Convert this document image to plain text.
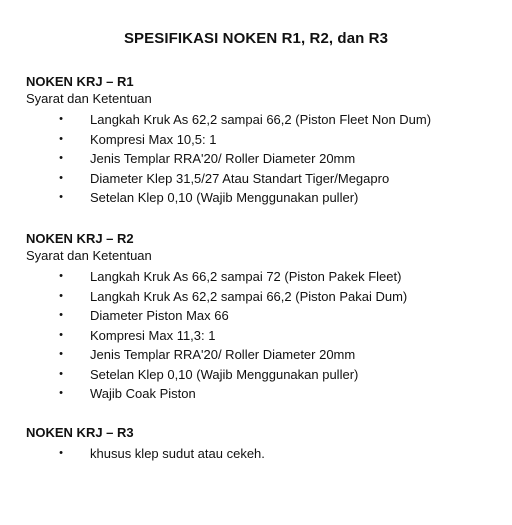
SPESIFIKASI NOKEN R1, R2, dan R3
NOKEN KRJ – R1
Syarat dan Ketentuan
• Langkah Kruk As 62,2 sampai 66,2 (Piston Fleet Non Dum)
• Kompresi Max 10,5: 1
• Jenis Templar RRA'20/ Roller Diameter 20mm
• Diameter Klep 31,5/27 Atau Standart Tiger/Megapro
• Setelan Klep 0,10 (Wajib Menggunakan puller)
NOKEN KRJ – R2
Syarat dan Ketentuan
• Langkah Kruk As 66,2 sampai 72 (Piston Pakek Fleet)
• Langkah Kruk As 62,2 sampai 66,2 (Piston Pakai Dum)
• Diameter Piston Max 66
• Kompresi Max 11,3: 1
• Jenis Templar RRA'20/ Roller Diameter 20mm
• Setelan Klep 0,10 (Wajib Menggunakan puller)
• Wajib Coak Piston
NOKEN KRJ – R3
• khusus klep sudut atau cekeh.
